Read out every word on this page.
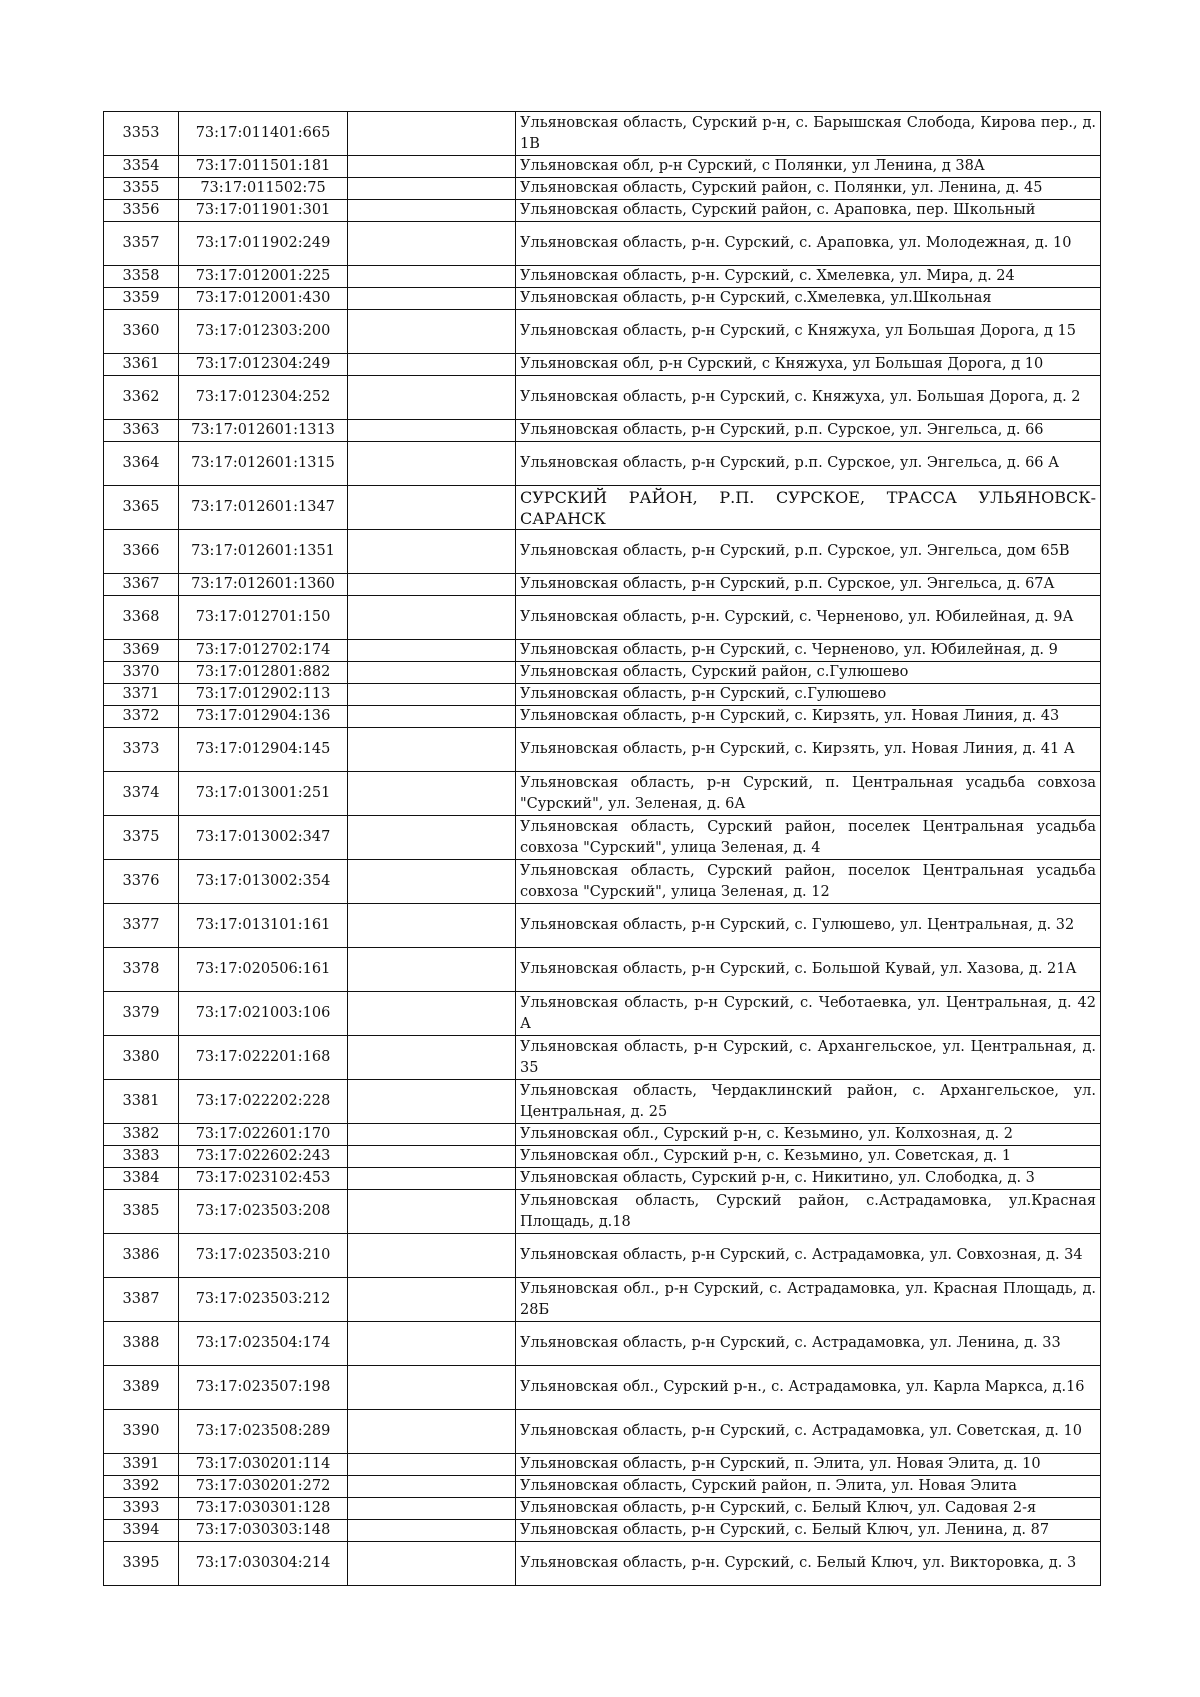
3353	73:17:011401:665		Ульяновская область, Сурский р-н, с. Барышская Слобода, Кирова пер., д. 1В
3354	73:17:011501:181		Ульяновская обл, р-н Сурский, с Полянки, ул Ленина, д 38А
3355	73:17:011502:75		Ульяновская область, Сурский район, с. Полянки, ул. Ленина, д. 45
3356	73:17:011901:301		Ульяновская область, Сурский район, с. Араповка, пер. Школьный
3357	73:17:011902:249		Ульяновская область, р-н. Сурский, с. Араповка, ул. Молодежная, д. 10
3358	73:17:012001:225		Ульяновская область, р-н. Сурский, с. Хмелевка, ул. Мира, д. 24
3359	73:17:012001:430		Ульяновская область, р-н Сурский, с.Хмелевка, ул.Школьная
3360	73:17:012303:200		Ульяновская область, р-н Сурский, с Княжуха, ул Большая Дорога, д 15
3361	73:17:012304:249		Ульяновская обл, р-н Сурский, с Княжуха, ул Большая Дорога, д 10
3362	73:17:012304:252		Ульяновская область, р-н Сурский, с. Княжуха, ул. Большая Дорога, д. 2
3363	73:17:012601:1313		Ульяновская область, р-н Сурский, р.п. Сурское, ул. Энгельса, д. 66
3364	73:17:012601:1315		Ульяновская область, р-н Сурский, р.п. Сурское, ул. Энгельса, д. 66 А
3365	73:17:012601:1347		СУРСКИЙ РАЙОН, Р.П. СУРСКОЕ, ТРАССА УЛЬЯНОВСК-САРАНСК
3366	73:17:012601:1351		Ульяновская область, р-н Сурский, р.п. Сурское, ул. Энгельса, дом 65В
3367	73:17:012601:1360		Ульяновская область, р-н Сурский, р.п. Сурское, ул. Энгельса, д. 67А
3368	73:17:012701:150		Ульяновская область, р-н. Сурский, с. Черненово, ул. Юбилейная, д. 9А
3369	73:17:012702:174		Ульяновская область, р-н Сурский, с. Черненово, ул. Юбилейная, д. 9
3370	73:17:012801:882		Ульяновская область, Сурский район, с.Гулюшево
3371	73:17:012902:113		Ульяновская область, р-н Сурский, с.Гулюшево
3372	73:17:012904:136		Ульяновская область, р-н Сурский, с. Кирзять, ул. Новая Линия, д. 43
3373	73:17:012904:145		Ульяновская область, р-н Сурский, с. Кирзять, ул. Новая Линия, д. 41 А
3374	73:17:013001:251		Ульяновская область, р-н Сурский, п. Центральная усадьба совхоза "Сурский", ул. Зеленая, д. 6А
3375	73:17:013002:347		Ульяновская область, Сурский район, поселек Центральная усадьба совхоза "Сурский", улица Зеленая, д. 4
3376	73:17:013002:354		Ульяновская область, Сурский район, поселок Центральная усадьба совхоза "Сурский", улица Зеленая, д. 12
3377	73:17:013101:161		Ульяновская область, р-н Сурский, с. Гулюшево, ул. Центральная, д. 32
3378	73:17:020506:161		Ульяновская область, р-н Сурский, с. Большой Кувай, ул. Хазова, д. 21А
3379	73:17:021003:106		Ульяновская область, р-н Сурский, с. Чеботаевка, ул. Центральная, д. 42 А
3380	73:17:022201:168		Ульяновская область, р-н Сурский, с. Архангельское, ул. Центральная, д. 35
3381	73:17:022202:228		Ульяновская область, Чердаклинский район, с. Архангельское, ул. Центральная, д. 25
3382	73:17:022601:170		Ульяновская обл., Сурский р-н, с. Кезьмино, ул. Колхозная, д. 2
3383	73:17:022602:243		Ульяновская обл., Сурский р-н, с. Кезьмино, ул. Советская, д. 1
3384	73:17:023102:453		Ульяновская область, Сурский р-н, с. Никитино, ул. Слободка, д. 3
3385	73:17:023503:208		Ульяновская область, Сурский район, с.Астрадамовка, ул.Красная Площадь, д.18
3386	73:17:023503:210		Ульяновская область, р-н Сурский, с. Астрадамовка, ул. Совхозная, д. 34
3387	73:17:023503:212		Ульяновская обл., р-н Сурский, с. Астрадамовка, ул. Красная Площадь, д. 28Б
3388	73:17:023504:174		Ульяновская область, р-н Сурский, с. Астрадамовка, ул. Ленина, д. 33
3389	73:17:023507:198		Ульяновская обл., Сурский р-н., с. Астрадамовка, ул. Карла Маркса, д.16
3390	73:17:023508:289		Ульяновская область, р-н Сурский, с. Астрадамовка, ул. Советская, д. 10
3391	73:17:030201:114		Ульяновская область, р-н Сурский, п. Элита, ул. Новая Элита, д. 10
3392	73:17:030201:272		Ульяновская область, Сурский район, п. Элита, ул. Новая Элита
3393	73:17:030301:128		Ульяновская область, р-н Сурский, с. Белый Ключ, ул. Садовая 2-я
3394	73:17:030303:148		Ульяновская область, р-н Сурский, с. Белый Ключ, ул. Ленина, д. 87
3395	73:17:030304:214		Ульяновская область, р-н. Сурский, с. Белый Ключ, ул. Викторовка, д. 3
